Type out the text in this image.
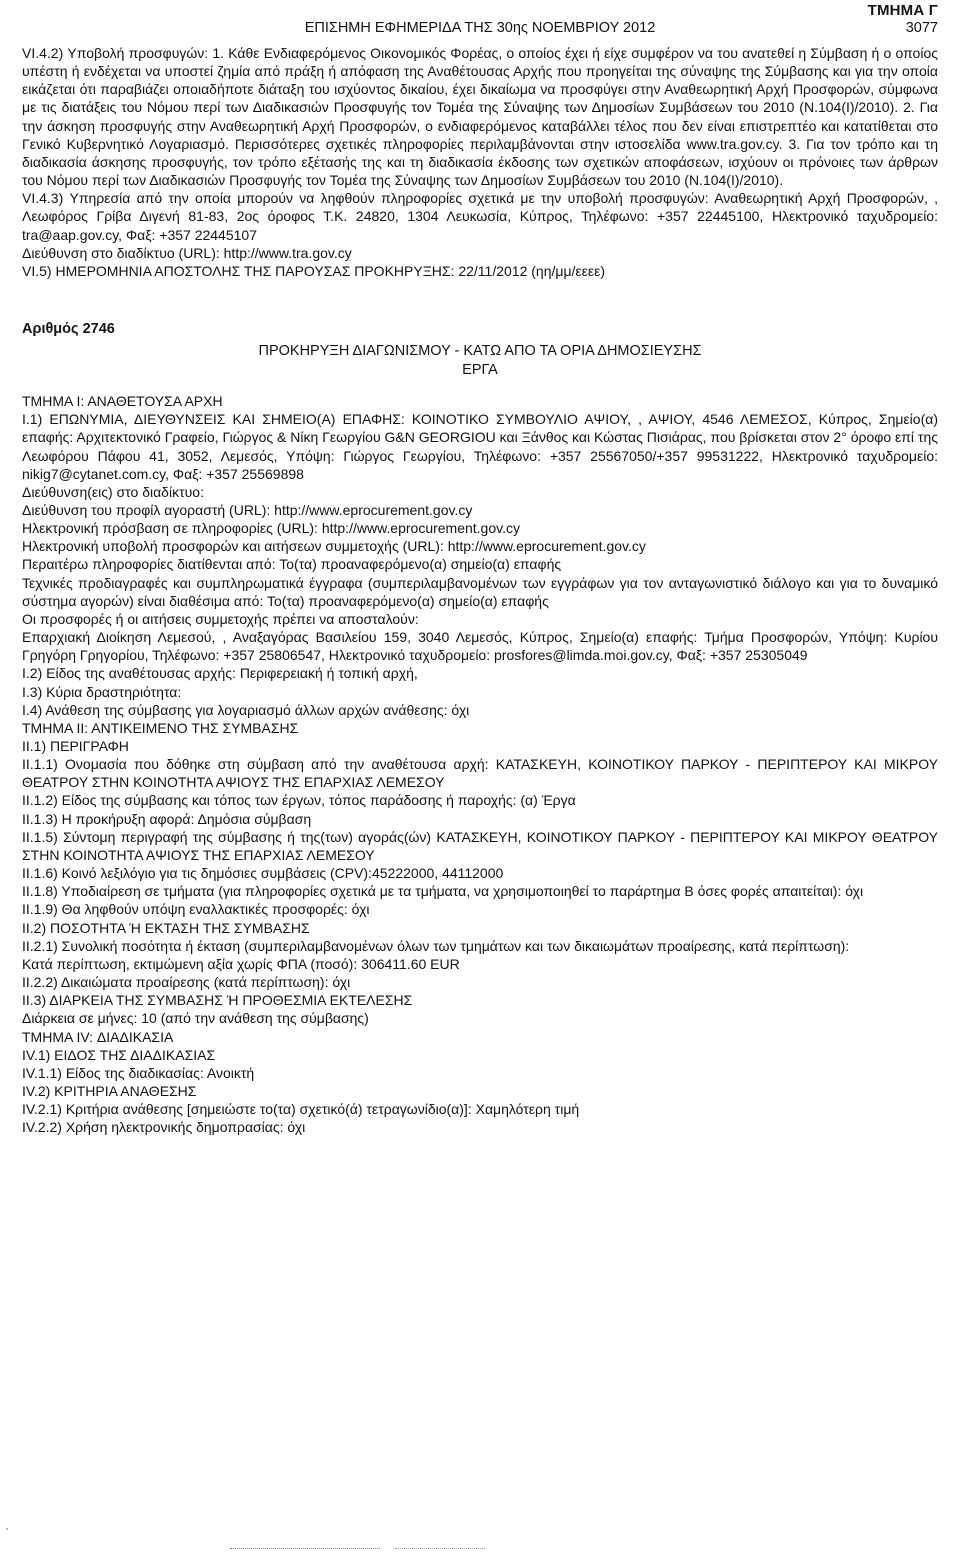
ΤΜΗΜΑ Γ
ΕΠΙΣΗΜΗ ΕΦΗΜΕΡΙΔΑ ΤΗΣ 30ης ΝΟΕΜΒΡΙΟΥ 2012	3077

VI.4.2) Υποβολή προσφυγών: 1. Κάθε Ενδιαφερόμενος Οικονομικός Φορέας, ο οποίος έχει ή είχε συμφέρον να του ανατεθεί η Σύμβαση ή ο οποίος υπέστη ή ενδέχεται να υποστεί ζημία από πράξη ή απόφαση της Αναθέτουσας Αρχής που προηγείται της σύναψης της Σύμβασης και για την οποία εικάζεται ότι παραβιάζει οποιαδήποτε διάταξη του ισχύοντος δικαίου, έχει δικαίωμα να προσφύγει στην Αναθεωρητική Αρχή Προσφορών, σύμφωνα με τις διατάξεις του Νόμου περί των Διαδικασιών Προσφυγής τον Τομέα της Σύναψης των Δημοσίων Συμβάσεων του 2010 (Ν.104(Ι)/2010). 2. Για την άσκηση προσφυγής στην Αναθεωρητική Αρχή Προσφορών, ο ενδιαφερόμενος καταβάλλει τέλος που δεν είναι επιστρεπτέο και κατατίθεται στο Γενικό Κυβερνητικό Λογαριασμό. Περισσότερες σχετικές πληροφορίες περιλαμβάνονται στην ιστοσελίδα www.tra.gov.cy. 3. Για τον τρόπο και τη διαδικασία άσκησης προσφυγής, τον τρόπο εξέτασής της και τη διαδικασία έκδοσης των σχετικών αποφάσεων, ισχύουν οι πρόνοιες των άρθρων του Νόμου περί των Διαδικασιών Προσφυγής τον Τομέα της Σύναψης των Δημοσίων Συμβάσεων του 2010 (Ν.104(Ι)/2010).

VI.4.3) Υπηρεσία από την οποία μπορούν να ληφθούν πληροφορίες σχετικά με την υποβολή προσφυγών: Αναθεωρητική Αρχή Προσφορών, , Λεωφόρος Γρίβα Διγενή 81-83, 2ος όροφος Τ.Κ. 24820, 1304 Λευκωσία, Κύπρος, Τηλέφωνο: +357 22445100, Ηλεκτρονικό ταχυδρομείο: tra@aap.gov.cy, Φαξ: +357 22445107

Διεύθυνση στο διαδίκτυο (URL): http://www.tra.gov.cy

VI.5) ΗΜΕΡΟΜΗΝΙΑ ΑΠΟΣΤΟΛΗΣ ΤΗΣ ΠΑΡΟΥΣΑΣ ΠΡΟΚΗΡΥΞΗΣ: 22/11/2012 (ηη/μμ/εεεε)

Αριθμός 2746

ΠΡΟΚΗΡΥΞΗ ΔΙΑΓΩΝΙΣΜΟΥ - ΚΑΤΩ ΑΠΟ ΤΑ ΟΡΙΑ ΔΗΜΟΣΙΕΥΣΗΣ

ΕΡΓΑ

ΤΜΗΜΑ Ι: ΑΝΑΘΕΤΟΥΣΑ ΑΡΧΗ

Ι.1) ΕΠΩΝΥΜΙΑ, ΔΙΕΥΘΥΝΣΕΙΣ ΚΑΙ ΣΗΜΕΙΟ(Α) ΕΠΑΦΗΣ: ΚΟΙΝΟΤΙΚΟ ΣΥΜΒΟΥΛΙΟ ΑΨΙΟΥ, , ΑΨΙΟΥ, 4546 ΛΕΜΕΣΟΣ, Κύπρος, Σημείο(α) επαφής: Αρχιτεκτονικό Γραφείο, Γιώργος & Νίκη Γεωργίου G&N GEORGIOU και Ξάνθος και Κώστας Πισιάρας, που βρίσκεται στον 2° όροφο επί της Λεωφόρου Πάφου 41, 3052, Λεμεσός, Υπόψη: Γιώργος Γεωργίου, Τηλέφωνο: +357 25567050/+357 99531222, Ηλεκτρονικό ταχυδρομείο: nikig7@cytanet.com.cy, Φαξ: +357 25569898

Διεύθυνση(εις) στο διαδίκτυο:

Διεύθυνση του προφίλ αγοραστή (URL): http://www.eprocurement.gov.cy

Ηλεκτρονική πρόσβαση σε πληροφορίες (URL): http://www.eprocurement.gov.cy

Ηλεκτρονική υποβολή προσφορών και αιτήσεων συμμετοχής (URL): http://www.eprocurement.gov.cy

Περαιτέρω πληροφορίες διατίθενται από: Το(τα) προαναφερόμενο(α) σημείο(α) επαφής

Τεχνικές προδιαγραφές και συμπληρωματικά έγγραφα (συμπεριλαμβανομένων των εγγράφων για τον ανταγωνιστικό διάλογο και για το δυναμικό σύστημα αγορών) είναι διαθέσιμα από: Το(τα) προαναφερόμενο(α) σημείο(α) επαφής

Οι προσφορές ή οι αιτήσεις συμμετοχής πρέπει να αποσταλούν:

Επαρχιακή Διοίκηση Λεμεσού, , Αναξαγόρας Βασιλείου 159, 3040 Λεμεσός, Κύπρος, Σημείο(α) επαφής: Τμήμα Προσφορών, Υπόψη: Κυρίου Γρηγόρη Γρηγορίου, Τηλέφωνο: +357 25806547, Ηλεκτρονικό ταχυδρομείο: prosfores@limda.moi.gov.cy, Φαξ: +357 25305049

Ι.2) Είδος της αναθέτουσας αρχής: Περιφερειακή ή τοπική αρχή,

Ι.3) Κύρια δραστηριότητα:

Ι.4) Ανάθεση της σύμβασης για λογαριασμό άλλων αρχών ανάθεσης: όχι

ΤΜΗΜΑ ΙΙ: ΑΝΤΙΚΕΙΜΕΝΟ ΤΗΣ ΣΥΜΒΑΣΗΣ

ΙΙ.1) ΠΕΡΙΓΡΑΦΗ

ΙΙ.1.1) Ονομασία που δόθηκε στη σύμβαση από την αναθέτουσα αρχή: ΚΑΤΑΣΚΕΥΗ, ΚΟΙΝΟΤΙΚΟΥ ΠΑΡΚΟΥ - ΠΕΡΙΠΤΕΡΟΥ ΚΑΙ ΜΙΚΡΟΥ ΘΕΑΤΡΟΥ ΣΤΗΝ ΚΟΙΝΟΤΗΤΑ ΑΨΙΟΥΣ ΤΗΣ ΕΠΑΡΧΙΑΣ ΛΕΜΕΣΟΥ

ΙΙ.1.2) Είδος της σύμβασης και τόπος των έργων, τόπος παράδοσης ή παροχής: (α) Έργα

ΙΙ.1.3) Η προκήρυξη αφορά: Δημόσια σύμβαση

ΙΙ.1.5) Σύντομη περιγραφή της σύμβασης ή της(των) αγοράς(ών) ΚΑΤΑΣΚΕΥΗ, ΚΟΙΝΟΤΙΚΟΥ ΠΑΡΚΟΥ - ΠΕΡΙΠΤΕΡΟΥ ΚΑΙ ΜΙΚΡΟΥ ΘΕΑΤΡΟΥ ΣΤΗΝ ΚΟΙΝΟΤΗΤΑ ΑΨΙΟΥΣ ΤΗΣ ΕΠΑΡΧΙΑΣ ΛΕΜΕΣΟΥ

ΙΙ.1.6) Κοινό λεξιλόγιο για τις δημόσιες συμβάσεις (CPV):45222000, 44112000

ΙΙ.1.8) Υποδιαίρεση σε τμήματα (για πληροφορίες σχετικά με τα τμήματα, να χρησιμοποιηθεί το παράρτημα Β όσες φορές απαιτείται): όχι

ΙΙ.1.9) Θα ληφθούν υπόψη εναλλακτικές προσφορές: όχι

ΙΙ.2) ΠΟΣΟΤΗΤΑ Ή ΕΚΤΑΣΗ ΤΗΣ ΣΥΜΒΑΣΗΣ

ΙΙ.2.1) Συνολική ποσότητα ή έκταση (συμπεριλαμβανομένων όλων των τμημάτων και των δικαιωμάτων προαίρεσης, κατά περίπτωση):

Κατά περίπτωση, εκτιμώμενη αξία χωρίς ΦΠΑ (ποσό): 306411.60 EUR

ΙΙ.2.2) Δικαιώματα προαίρεσης (κατά περίπτωση): όχι

ΙΙ.3) ΔΙΑΡΚΕΙΑ ΤΗΣ ΣΥΜΒΑΣΗΣ Ή ΠΡΟΘΕΣΜΙΑ ΕΚΤΕΛΕΣΗΣ

Διάρκεια σε μήνες: 10 (από την ανάθεση της σύμβασης)

ΤΜΗΜΑ IV: ΔΙΑΔΙΚΑΣΙΑ

IV.1) ΕΙΔΟΣ ΤΗΣ ΔΙΑΔΙΚΑΣΙΑΣ

IV.1.1) Είδος της διαδικασίας: Ανοικτή

IV.2) ΚΡΙΤΗΡΙΑ ΑΝΑΘΕΣΗΣ

IV.2.1) Κριτήρια ανάθεσης [σημειώστε το(τα) σχετικό(ά) τετραγωνίδιο(α)]: Χαμηλότερη τιμή

IV.2.2) Χρήση ηλεκτρονικής δημοπρασίας: όχι
